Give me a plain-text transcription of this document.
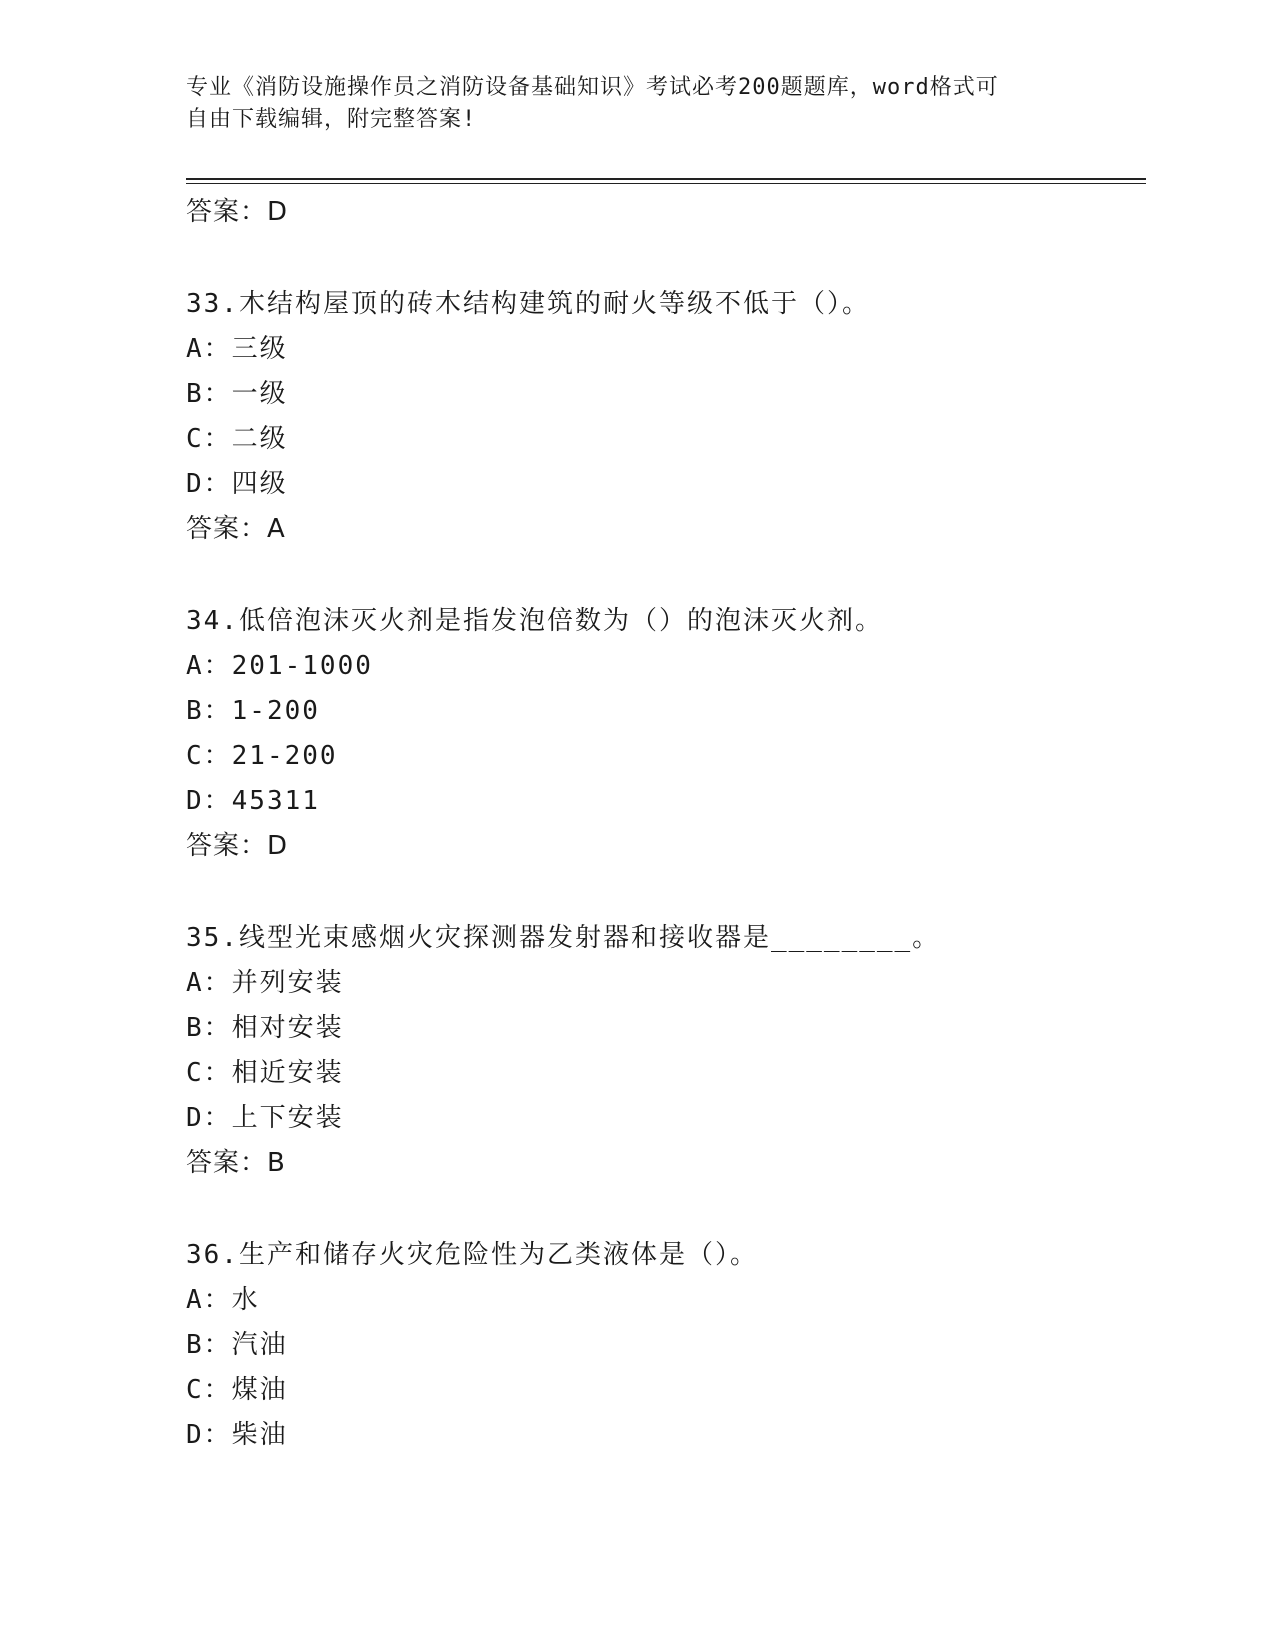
专业《消防设施操作员之消防设备基础知识》考试必考200题题库，word格式可
自由下载编辑，附完整答案!
答案：D
33.木结构屋顶的砖木结构建筑的耐火等级不低于（）。
A：三级
B：一级
C：二级
D：四级
答案：A
34.低倍泡沫灭火剂是指发泡倍数为（）的泡沫灭火剂。
A：201-1000
B：1-200
C：21-200
D：45311
答案：D
35.线型光束感烟火灾探测器发射器和接收器是________。
A：并列安装
B：相对安装
C：相近安装
D：上下安装
答案：B
36.生产和储存火灾危险性为乙类液体是（）。
A：水
B：汽油
C：煤油
D：柴油
